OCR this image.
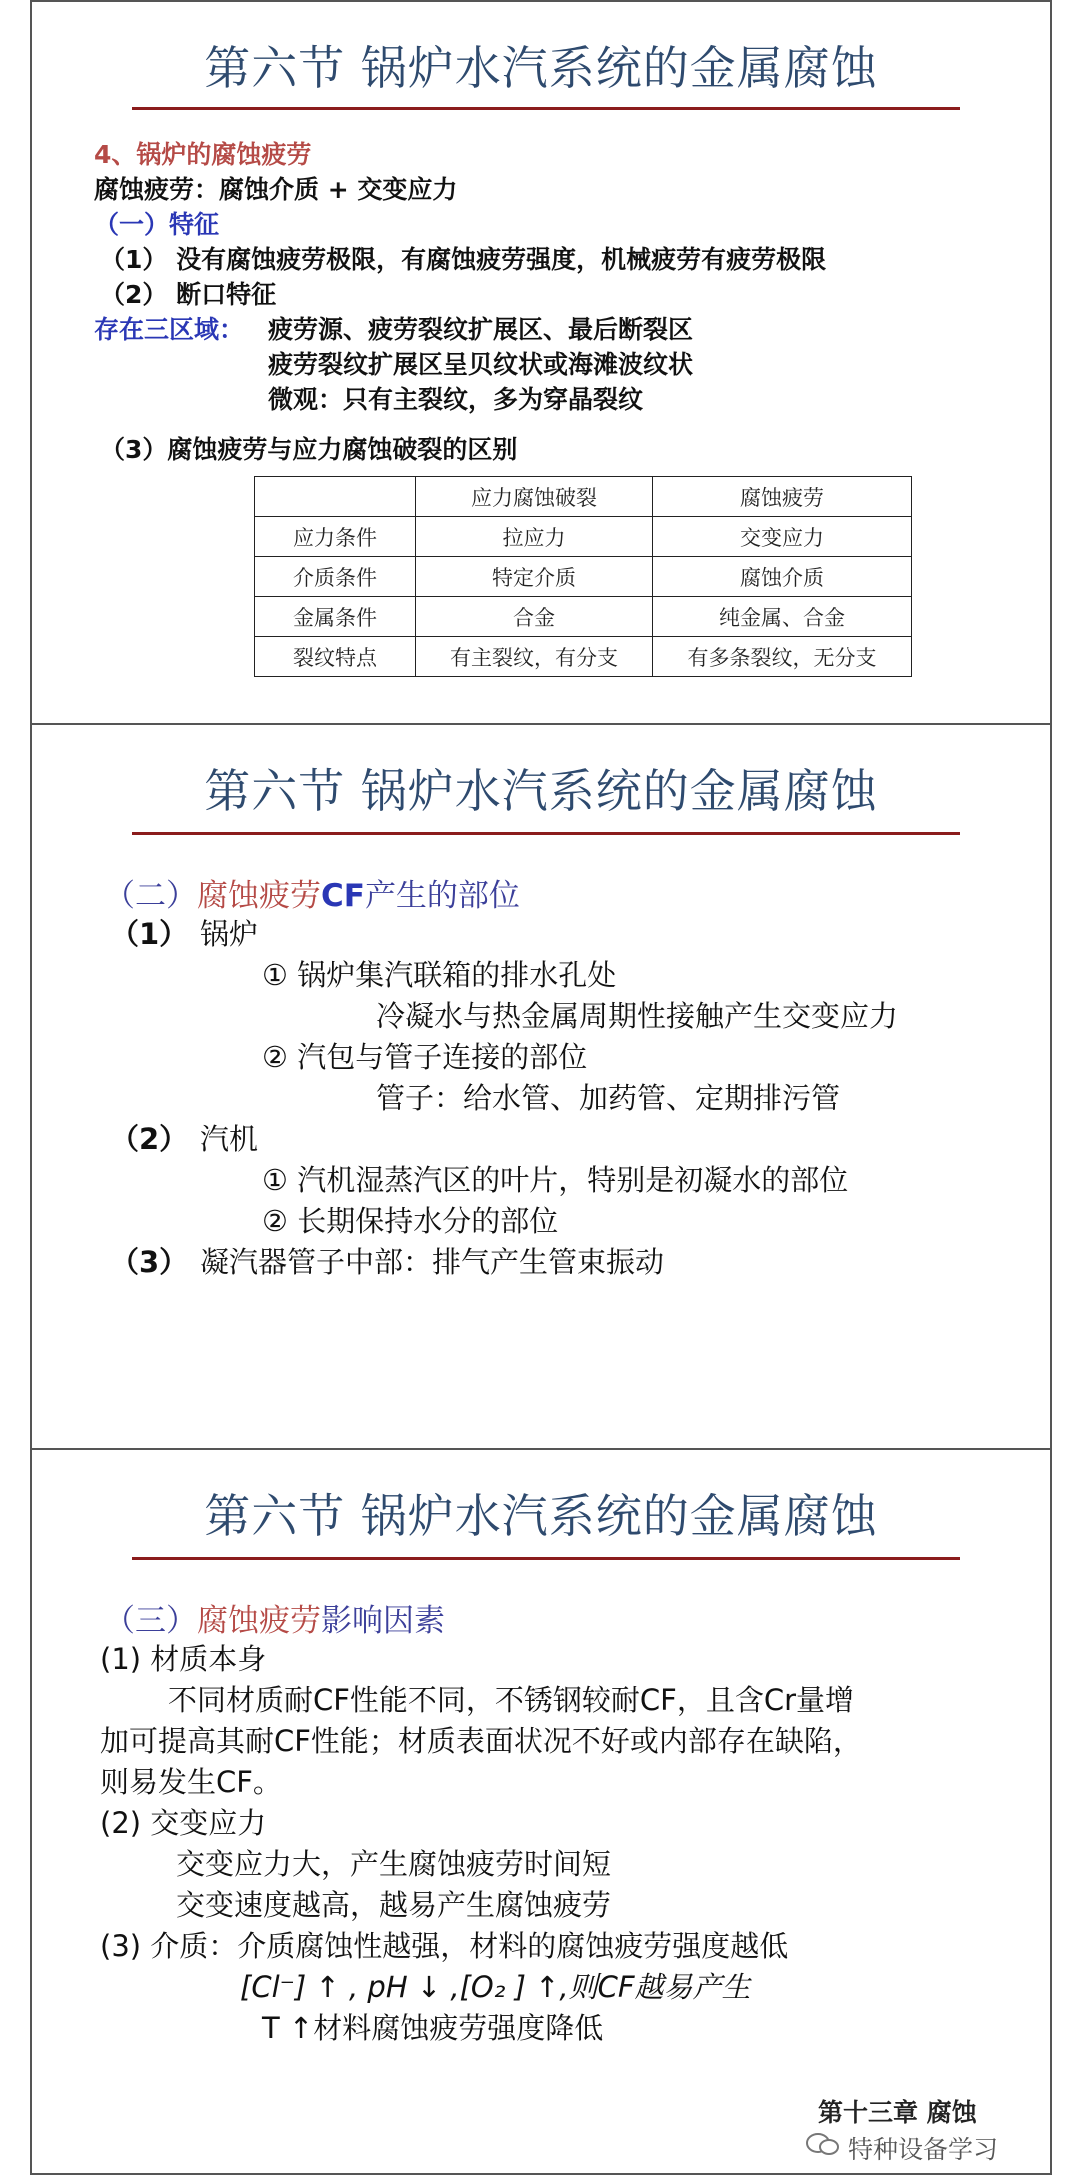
第六节 锅炉水汽系统的金属腐蚀
4、锅炉的腐蚀疲劳
腐蚀疲劳：腐蚀介质 + 交变应力
（一）特征
（1） 没有腐蚀疲劳极限，有腐蚀疲劳强度，机械疲劳有疲劳极限
（2） 断口特征
存在三区域： 疲劳源、疲劳裂纹扩展区、最后断裂区
疲劳裂纹扩展区呈贝纹状或海滩波纹状
微观：只有主裂纹，多为穿晶裂纹
（3）腐蚀疲劳与应力腐蚀破裂的区别
	应力腐蚀破裂	腐蚀疲劳
应力条件	拉应力	交变应力
介质条件	特定介质	腐蚀介质
金属条件	合金	纯金属、合金
裂纹特点	有主裂纹，有分支	有多条裂纹，无分支
第六节 锅炉水汽系统的金属腐蚀
（二）腐蚀疲劳CF产生的部位
（1） 锅炉
① 锅炉集汽联箱的排水孔处
冷凝水与热金属周期性接触产生交变应力
② 汽包与管子连接的部位
管子：给水管、加药管、定期排污管
（2） 汽机
① 汽机湿蒸汽区的叶片，特别是初凝水的部位
② 长期保持水分的部位
（3） 凝汽器管子中部：排气产生管束振动
第六节 锅炉水汽系统的金属腐蚀
（三）腐蚀疲劳影响因素
(1) 材质本身
不同材质耐CF性能不同，不锈钢较耐CF，且含Cr量增
加可提高其耐CF性能；材质表面状况不好或内部存在缺陷，
则易发生CF。
(2) 交变应力
交变应力大，产生腐蚀疲劳时间短
交变速度越高，越易产生腐蚀疲劳
(3) 介质：介质腐蚀性越强，材料的腐蚀疲劳强度越低
[Cl⁻] ↑ , pH ↓ ,[O₂ ] ↑,则CF越易产生
T ↑材料腐蚀疲劳强度降低
第十三章 腐蚀
特种设备学习
